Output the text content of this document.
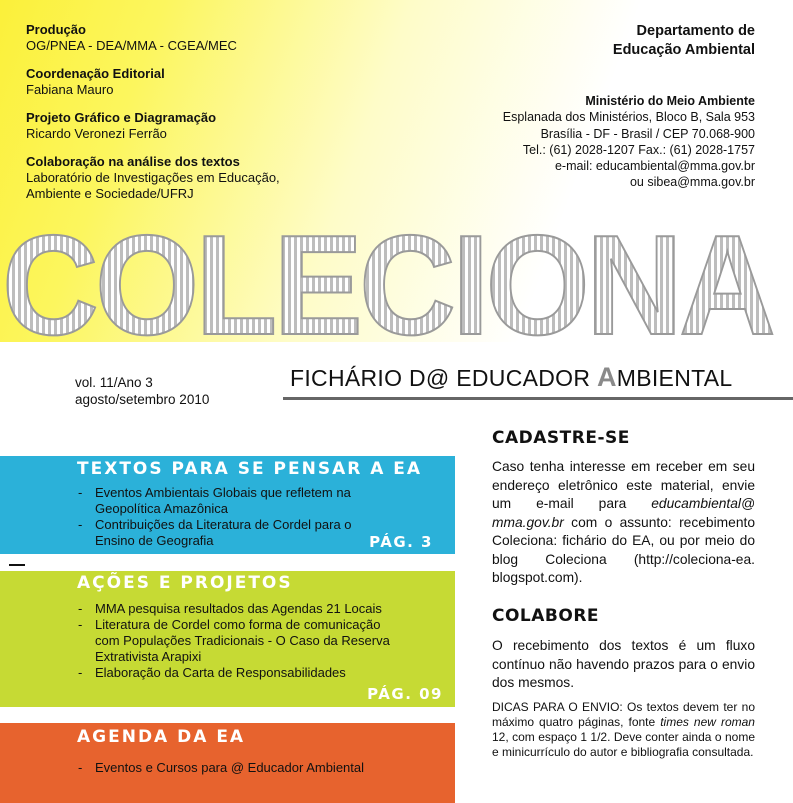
Produção
OG/PNEA - DEA/MMA - CGEA/MEC
Coordenação Editorial
Fabiana Mauro
Projeto Gráfico e Diagramação
Ricardo Veronezi Ferrão
Colaboração na análise dos textos
Laboratório de Investigações em Educação,
Ambiente e Sociedade/UFRJ
Departamento de
Educação Ambiental
Ministério do Meio Ambiente
Esplanada dos Ministérios, Bloco B, Sala 953
Brasília - DF - Brasil / CEP 70.068-900
Tel.: (61) 2028-1207 Fax.: (61) 2028-1757
e-mail: educambiental@mma.gov.br
ou sibea@mma.gov.br
COLECIONA
vol. 11/Ano 3
agosto/setembro 2010
FICHÁRIO D@ EDUCADOR AMBIENTAL
TEXTOS PARA SE PENSAR A EA
- Eventos Ambientais Globais que refletem na Geopolítica Amazônica
- Contribuições da Literatura de Cordel para o Ensino de Geografia	PÁG. 3
AÇÕES E PROJETOS
- MMA pesquisa resultados das Agendas 21 Locais
- Literatura de Cordel como forma de comunicação com Populações Tradicionais - O Caso da Reserva Extrativista Arapixi
- Elaboração da Carta de Responsabilidades
PÁG. 09
AGENDA DA EA
- Eventos e Cursos para @ Educador Ambiental
CADASTRE-SE
Caso tenha interesse em receber em seu endereço eletrônico este material, envie um e-mail para educambiental@ mma.gov.br com o assunto: recebimento Coleciona: fichário do EA, ou por meio do blog Coleciona (http://coleciona-ea. blogspot.com).
COLABORE
O recebimento dos textos é um fluxo contínuo não havendo prazos para o envio dos mesmos.
DICAS PARA O ENVIO: Os textos devem ter no máximo quatro páginas, fonte times new roman 12, com espaço 1 1/2. Deve conter ainda o nome e minicurrículo do autor e bibliografia consultada.
